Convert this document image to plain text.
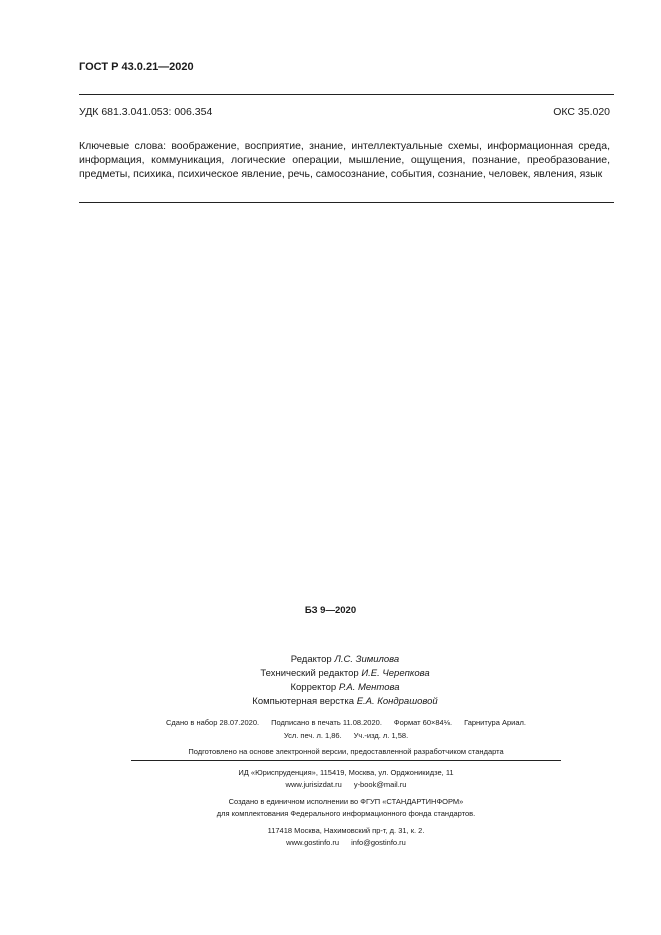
ГОСТ Р 43.0.21—2020
УДК 681.3.041.053: 006.354	ОКС 35.020
Ключевые слова: воображение, восприятие, знание, интеллектуальные схемы, информационная среда, информация, коммуникация, логические операции, мышление, ощущения, познание, преобразование, предметы, психика, психическое явление, речь, самосознание, события, сознание, человек, явления, язык
БЗ 9—2020
Редактор Л.С. Зимилова
Технический редактор И.Е. Черепкова
Корректор Р.А. Ментова
Компьютерная верстка Е.А. Кондрашовой
Сдано в набор 28.07.2020. Подписано в печать 11.08.2020. Формат 60×84⅛. Гарнитура Ариал.
Усл. печ. л. 1,86. Уч.-изд. л. 1,58.
Подготовлено на основе электронной версии, предоставленной разработчиком стандарта
ИД «Юриспруденция», 115419, Москва, ул. Орджоникидзе, 11
www.jurisizdat.ru y-book@mail.ru
Создано в единичном исполнении во ФГУП «СТАНДАРТИНФОРМ»
для комплектования Федерального информационного фонда стандартов.
117418 Москва, Нахимовский пр-т, д. 31, к. 2.
www.gostinfo.ru info@gostinfo.ru
